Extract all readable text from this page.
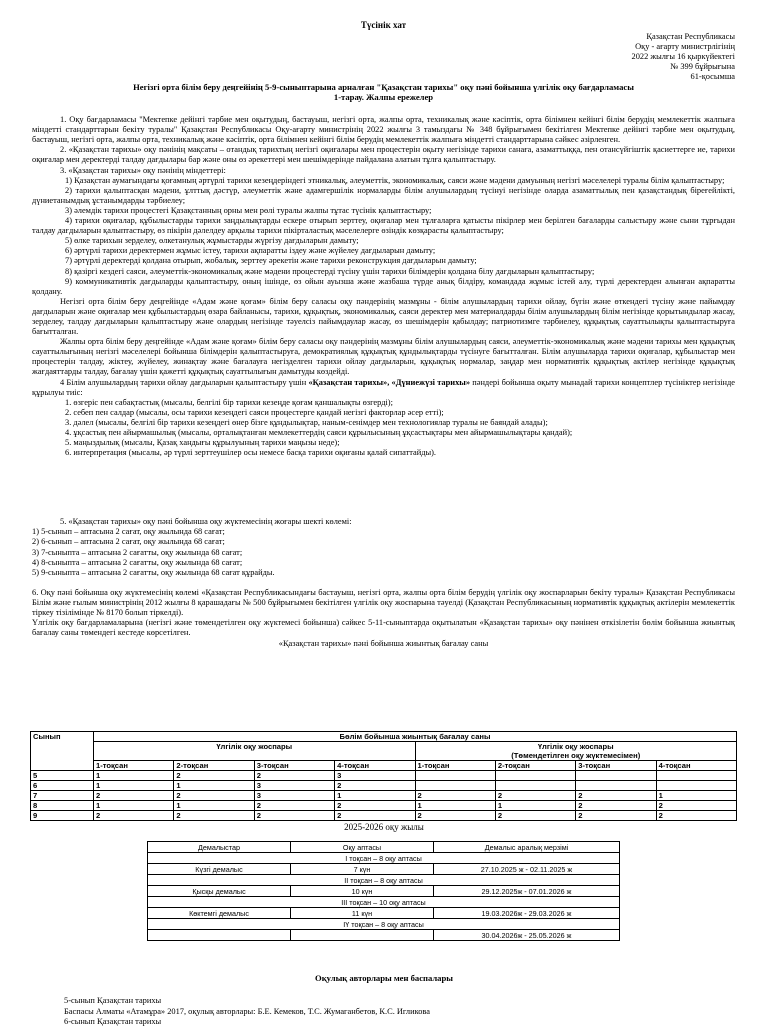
Түсінік хат
Қазақстан Республикасы
Оқу - ағарту министрлігінің
2022 жылғы 16 қыркүйектегі
№ 399 бұйрығына
61-қосымша
Негізгі орта білім беру деңгейінің 5-9-сыныптарына арналған "Қазақстан тарихы" оқу пәні бойынша үлгілік оқу бағдарламасы
1-тарау. Жалпы ережелер

1. Оқу бағдарламасы "Мектепке дейінгі тәрбие мен оқытудың, бастауыш, негізгі орта, жалпы орта, техникалық және кәсіптік, орта білімнен кейінгі білім берудің мемлекеттік жалпыға міндетті стандарттарын бекіту туралы" Қазақстан Республикасы Оқу-ағарту министрінің 2022 жылғы 3 тамыздағы № 348 бұйрығымен бекітілген Мектепке дейінгі тәрбие мен оқытудың, бастауыш, негізгі орта, жалпы орта, техникалық және кәсіптік, орта білімнен кейінгі білім берудің мемлекеттік жалпыға міндетті стандарттарына сәйкес әзірленген.

2. «Қазақстан тарихы» оқу пәнінің мақсаты – отандық тарихтың негізгі оқиғалары мен процестерін оқыту негізінде тарихи санаға, азаматтыққа, пен отансүйгіштік қасиеттерге ие, тарихи оқиғалар мен деректерді талдау дағдылары бар және оны өз әрекеттері мен шешімдерінде пайдалана алатын тұлға қалыптастыру.

3. «Қазақстан тарихы» оқу пәнінің міндеттері:

1) Қазақстан аумағындағы қоғамның әртүрлі тарихи кезеңдеріндегі этникалық, әлеуметтік, экономикалық, саяси және мәдени дамуының негізгі мәселелері туралы білім қалыптастыру;

2) тарихи қалыптасқан мәдени, ұлттық дәстүр, әлеуметтік және адамгершілік нормаларды білім алушылардың түсінуі негізінде оларда азаматтылық пен қазақстандық біреғейлікті, дүниетанымдық ұстанымдарды тәрбиелеу;

3) әлемдік тарихи процестегі Қазақстанның орны мен рөлі туралы жалпы тұтас түсінік қалыптастыру;

4) тарихи оқиғалар, құбылыстарды тарихи заңдылықтарды ескере отырып зерттеу, оқиғалар мен тұлғаларға қатысты пікірлер мен берілген бағаларды салыстыру және сыни тұрғыдан талдау дағдыларын қалыптастыру, өз пікірін дәлелдеу арқылы тарихи пікірталастық мәселелерге өзіндік көзқарасты қалыптастыру;

5) өлке тарихын зерделеу, өлкетанулық жұмыстарды жүргізу дағдыларын дамыту;

6) әртүрлі тарихи деректермен жұмыс істеу, тарихи ақпаратты іздеу және жүйелеу дағдыларын дамыту;

7) әртүрлі деректерді қолдана отырып, жобалық, зерттеу әрекетін және тарихи реконструкция дағдыларын дамыту;

8) қазіргі кездегі саяси, әлеуметтік-экономикалық және мәдени процестерді түсіну үшін тарихи білімдерін қолдана білу дағдыларын қалыптастыру;

9) коммуникативтік дағдыларды қалыптастыру, оның ішінде, өз ойын ауызша және жазбаша түрде анық білдіру, командада жұмыс істей алу, түрлі деректерден алынған ақпаратты қолдану.

Негізгі орта білім беру деңгейінде «Адам және қоғам» білім беру саласы оқу пәндерінің мазмұны - білім алушылардың тарихи ойлау, бүгін және өткендегі түсіну және пайымдау дағдыларын және оқиғалар мен құбылыстардың өзара байланысы, тарихи, құқықтық, экономикалық, саяси деректер мен материалдарды білім алушылардың білім негізінде қорытындылар жасау, зерделеу, талдау дағдыларын қалыптастыру және олардың негізінде тәуелсіз пайымдаулар жасау, өз шешімдерін қабылдау; патриотизмге тәрбиелеу, құқықтық сауаттылықты қалыптастыруға бағытталған.

Жалпы орта білім беру деңгейінде «Адам және қоғам» білім беру саласы оқу пәндерінің мазмұны білім алушылардың саяси, әлеуметтік-экономикалық және мәдени тарихы мен құқықтық сауаттылығының негізгі мәселелері бойынша білімдерін қалыптастыруға, демократиялық құқықтық құндылықтарды түсінуге бағытталған. Білім алушыларда тарихи оқиғалар, құбылыстар мен процестерін талдау, жіктеу, жүйелеу, жинақтау және бағалауға негізделген тарихи ойлау дағдыларын, құқықтық нормалар, заңдар мен нормативтік құқықтық актілер негізінде құқықтық жағдаяттарды талдау, бағалау үшін қажетті құқықтық сауаттылығын дамытуды көздейді.

4 Білім алушылардың тарихи ойлау дағдыларын қалыптастыру үшін «Қазақстан тарихы», «Дүниежүзі тарихы» пәндері бойынша оқыту мынадай тарихи концептлер түсініктер негізінде құрылуы тиіс:

1. өзгеріс пен сабақтастық (мысалы, белгілі бір тарихи кезеңде қоғам қаншалықты өзгерді);

2. себеп пен салдар (мысалы, осы тарихи кезеңдегі саяси процестерге қандай негізгі факторлар әсер етті);

3. дәлел (мысалы, белгілі бір тарихи кезеңдегі өнер бізге құндылықтар, наным-сенімдер мен технологиялар туралы не баяндай алады);

4. ұқсастық пен айырмашылық (мысалы, орталықтанған мемлекеттердің саяси құрылысының ұқсастықтары мен айырмашылықтары қандай);

5. маңыздылық (мысалы, Қазақ хандығы құрылуының тарихи маңызы неде);

6. интерпретация (мысалы, әр түрлі зерттеушілер осы немесе басқа тарихи оқиғаны қалай сипаттайды).

5. «Қазақстан тарихы» оқу пәні бойынша оқу жүктемесінің жоғары шекті көлемі:

1) 5-сынып – аптасына 2 сағат, оқу жылында 68 сағат;

2) 6-сынып – аптасына 2 сағат, оқу жылында 68 сағат;

3) 7-сыныпта – аптасына 2 сағатты, оқу жылында 68 сағат;

4) 8-сыныпта – аптасына 2 сағатты, оқу жылында 68 сағат;

5) 9-сыныпта – аптасына 2 сағатты, оқу жылында 68 сағат құрайды.

6. Оқу пәні бойынша оқу жүктемесінің көлемі «Қазақстан Республикасындағы бастауыш, негізгі орта, жалпы орта білім берудің үлгілік оқу жоспарларын бекіту туралы» Қазақстан Республикасы Білім және ғылым министрінің 2012 жылғы 8 қарашадағы № 500 бұйрығымен бекітілген үлгілік оқу жоспарына тәуелді (Қазақстан Республикасының нормативтік құқықтық актілерін мемлекеттік тіркеу тізілімінде № 8170 болып тіркелді).

Үлгілік оқу бағдарламаларына (негізгі және төмендетілген оқу жүктемесі бойынша) сәйкес 5-11-сыныптарда оқытылатын «Қазақстан тарихы» оқу пәнінен өткізілетін бөлім бойынша жиынтық бағалау саны төмендегі кестеде көрсетілген.

«Қазақстан тарихы» пәні бойынша жиынтық бағалау саны
Сынып	Бөлім бойынша жиынтық бағалау саны							
	Үлгілік оқу жоспары				Үлгілік оқу жоспары
(Төмендетілген оқу жүктемесімен)			
	1-тоқсан	2-тоқсан	3-тоқсан	4-тоқсан	1-тоқсан	2-тоқсан	3-тоқсан	4-тоқсан
5	1	2	2	3				
6	1	1	3	2				
7	2	2	3	1	2	2	2	1
8	1	1	2	2	1	1	2	2
9	2	2	2	2	2	2	2	2
2025-2026 оқу жылы
Демалыстар	Оқу аптасы	Демалыс аралық мерзімі
І тоқсан – 8 оқу аптасы		
Күзгі демалыс	7 күн	27.10.2025 ж - 02.11.2025 ж
ІІ тоқсан – 8 оқу аптасы		
Қысқы демалыс	10 күн	29.12.2025ж - 07.01.2026 ж
ІІІ тоқсан – 10 оқу аптасы		
Көктемгі демалыс	11 күн	19.03.2026ж - 29.03.2026 ж
ІҮ тоқсан – 8 оқу аптасы		
		30.04.2026ж - 25.05.2026 ж
Оқулық авторлары мен баспалары
5-сынып Қазақстан тарихы
Баспасы Алматы «Атамұра» 2017, оқулық авторлары: Б.Е. Кемеков, Т.С. Жумаганбетов, К.С. Игликова
6-сынып Қазақстан тарихы
